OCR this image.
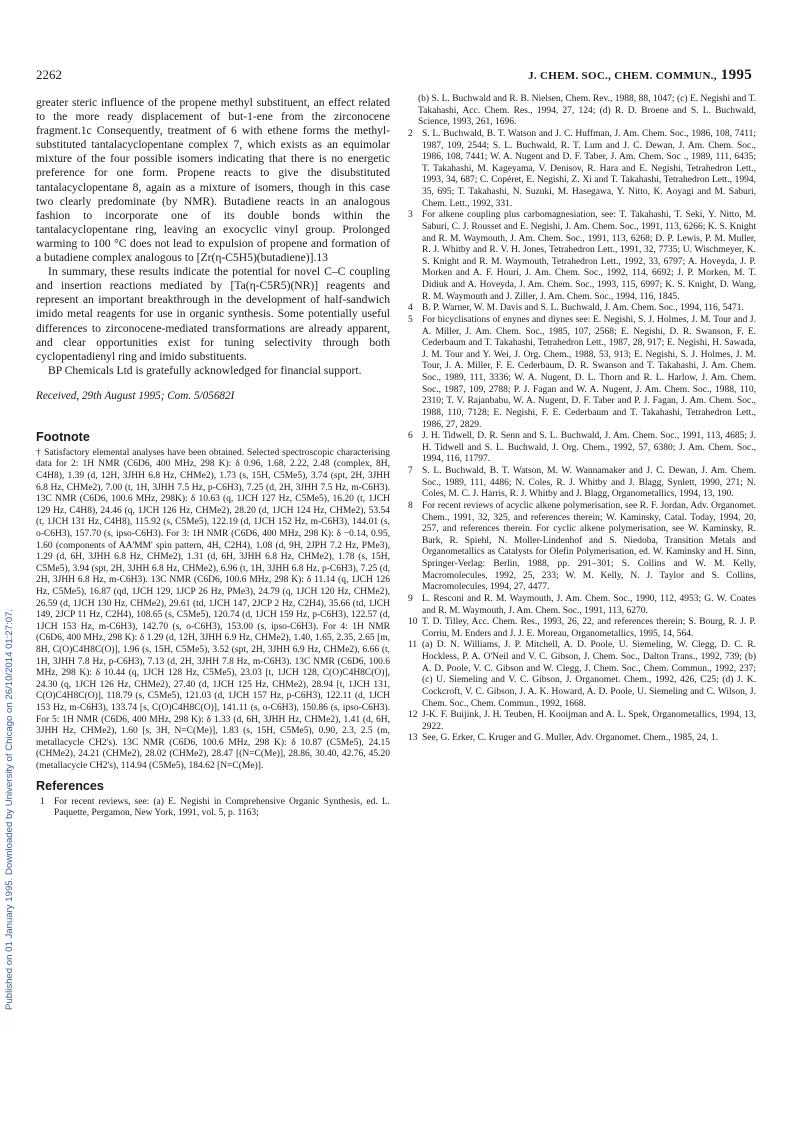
2262	J. CHEM. SOC., CHEM. COMMUN., 1995
Published on 01 January 1995. Downloaded by University of Chicago on 26/10/2014 01:27:07.

greater steric influence of the propene methyl substituent, an effect related to the more ready displacement of but-1-ene from the zirconocene fragment.1c Consequently, treatment of 6 with ethene forms the methyl-substituted tantalacyclopentane complex 7, which exists as an equimolar mixture of the four possible isomers indicating that there is no energetic preference for one form. Propene reacts to give the disubstituted tantalacyclopentane 8, again as a mixture of isomers, though in this case two clearly predominate (by NMR). Butadiene reacts in an analogous fashion to incorporate one of its double bonds within the tantalacyclopentane ring, leaving an exocyclic vinyl group. Prolonged warming to 100 °C does not lead to expulsion of propene and formation of a butadiene complex analogous to [Zr(η-C5H5)(butadiene)].13

In summary, these results indicate the potential for novel C–C coupling and insertion reactions mediated by [Ta(η-C5R5)(NR)] reagents and represent an important breakthrough in the development of half-sandwich imido metal reagents for use in organic synthesis. Some potentially useful differences to zirconocene-mediated transformations are already apparent, and clear opportunities exist for tuning selectivity through both cyclopentadienyl ring and imido substituents.

BP Chemicals Ltd is gratefully acknowledged for financial support.

Received, 29th August 1995; Com. 5/05682I

Footnote

† Satisfactory elemental analyses have been obtained. Selected spectroscopic characterising data for 2: 1H NMR (C6D6, 400 MHz, 298 K): δ 0.96, 1.68, 2.22, 2.48 (complex, 8H, C4H8), 1.39 (d, 12H, 3JHH 6.8 Hz, CHMe2), 1.73 (s, 15H, C5Me5), 3.74 (spt, 2H, 3JHH 6.8 Hz, CHMe2), 7.00 (t, 1H, 3JHH 7.5 Hz, p-C6H3), 7.25 (d, 2H, 3JHH 7.5 Hz, m-C6H3). 13C NMR (C6D6, 100.6 MHz, 298K): δ 10.63 (q, 1JCH 127 Hz, C5Me5), 16.20 (t, 1JCH 129 Hz, C4H8), 24.46 (q, 1JCH 126 Hz, CHMe2), 28.20 (d, 1JCH 124 Hz, CHMe2), 53.54 (t, 1JCH 131 Hz, C4H8), 115.92 (s, C5Me5), 122.19 (d, 1JCH 152 Hz, m-C6H3), 144.01 (s, o-C6H3), 157.70 (s, ipso-C6H3). For 3: 1H NMR (C6D6, 400 MHz, 298 K): δ −0.14, 0.95, 1.60 (components of AA'MM' spin pattern, 4H, C2H4), 1.08 (d, 9H, 2JPH 7.2 Hz, PMe3), 1.29 (d, 6H, 3JHH 6.8 Hz, CHMe2), 1.31 (d, 6H, 3JHH 6.8 Hz, CHMe2), 1.78 (s, 15H, C5Me5), 3.94 (spt, 2H, 3JHH 6.8 Hz, CHMe2), 6.96 (t, 1H, 3JHH 6.8 Hz, p-C6H3), 7.25 (d, 2H, 3JHH 6.8 Hz, m-C6H3). 13C NMR (C6D6, 100.6 MHz, 298 K): δ 11.14 (q, 1JCH 126 Hz, C5Me5), 16.87 (qd, 1JCH 129, 1JCP 26 Hz, PMe3), 24.79 (q, 1JCH 120 Hz, CHMe2), 26.59 (d, 1JCH 130 Hz, CHMe2), 29.61 (td, 1JCH 147, 2JCP 2 Hz, C2H4), 35.66 (td, 1JCH 149, 2JCP 11 Hz, C2H4), 108.65 (s, C5Me5), 120.74 (d, 1JCH 159 Hz, p-C6H3), 122.57 (d, 1JCH 153 Hz, m-C6H3), 142.70 (s, o-C6H3), 153.00 (s, ipso-C6H3). For 4: 1H NMR (C6D6, 400 MHz, 298 K): δ 1.29 (d, 12H, 3JHH 6.9 Hz, CHMe2), 1.40, 1.65, 2.35, 2.65 [m, 8H, C(O)C4H8C(O)], 1.96 (s, 15H, C5Me5), 3.52 (spt, 2H, 3JHH 6.9 Hz, CHMe2), 6.66 (t, 1H, 3JHH 7.8 Hz, p-C6H3), 7.13 (d, 2H, 3JHH 7.8 Hz, m-C6H3). 13C NMR (C6D6, 100.6 MHz, 298 K): δ 10.44 (q, 1JCH 128 Hz, C5Me5), 23.03 [t, 1JCH 128, C(O)C4H8C(O)], 24.30 (q, 1JCH 126 Hz, CHMe2), 27.40 (d, 1JCH 125 Hz, CHMe2), 28.94 [t, 1JCH 131, C(O)C4H8C(O)], 118.79 (s, C5Me5), 121.03 (d, 1JCH 157 Hz, p-C6H3), 122.11 (d, 1JCH 153 Hz, m-C6H3), 133.74 [s, C(O)C4H8C(O)], 141.11 (s, o-C6H3), 150.86 (s, ipso-C6H3). For 5: 1H NMR (C6D6, 400 MHz, 298 K): δ 1.33 (d, 6H, 3JHH Hz, CHMe2), 1.41 (d, 6H, 3JHH Hz, CHMe2), 1.60 [s, 3H, N=C(Me)], 1.83 (s, 15H, C5Me5), 0.90, 2.3, 2.5 (m, metallacycle CH2's). 13C NMR (C6D6, 100.6 MHz, 298 K): δ 10.87 (C5Me5), 24.15 (CHMe2), 24.21 (CHMe2), 28.02 (CHMe2), 28.47 [(N=C(Me)], 28.86, 30.40, 42.76, 45.20 (metallacycle CH2's), 114.94 (C5Me5), 184.62 [N=C(Me)].

References
1 For recent reviews, see: (a) E. Negishi in Comprehensive Organic Synthesis, ed. L. Paquette, Pergamon, New York, 1991, vol. 5, p. 1163;
(b) S. L. Buchwald and R. B. Nielsen, Chem. Rev., 1988, 88, 1047; (c) E. Negishi and T. Takahashi, Acc. Chem. Res., 1994, 27, 124; (d) R. D. Broene and S. L. Buchwald, Science, 1993, 261, 1696.
2 S. L. Buchwald, B. T. Watson and J. C. Huffman, J. Am. Chem. Soc., 1986, 108, 7411; 1987, 109, 2544; S. L. Buchwald, R. T. Lum and J. C. Dewan, J. Am. Chem. Soc., 1986, 108, 7441; W. A. Nugent and D. F. Taber, J. Am. Chem. Soc ., 1989, 111, 6435; T. Takahashi, M. Kageyama, V. Denisov, R. Hara and E. Negishi, Tetrahedron Lett., 1993, 34, 687; C. Copéret, E. Negishi, Z. Xi and T. Takahashi, Tetrahedron Lett., 1994, 35, 695; T. Takahashi, N. Suzuki, M. Hasegawa, Y. Nitto, K. Aoyagi and M. Saburi, Chem. Lett., 1992, 331.
3 For alkene coupling plus carbomagnesiation, see: T. Takahashi, T. Seki, Y. Nitto, M. Saburi, C. J. Rousset and E. Negishi, J. Am. Chem. Soc., 1991, 113, 6266; K. S. Knight and R. M. Waymouth, J. Am. Chem. Soc., 1991, 113, 6268; D. P. Lewis, P. M. Muller, R. J. Whitby and R. V. H. Jones, Tetrahedron Lett., 1991, 32, 7735; U. Wischmeyer, K. S. Knight and R. M. Waymouth, Tetrahedron Lett., 1992, 33, 6797; A. Hoveyda, J. P. Morken and A. F. Houri, J. Am. Chem. Soc., 1992, 114, 6692; J. P. Morken, M. T. Didiuk and A. Hoveyda, J. Am. Chem. Soc., 1993, 115, 6997; K. S. Knight, D. Wang, R. M. Waymouth and J. Ziller, J. Am. Chem. Soc., 1994, 116, 1845.
4 B. P. Warner, W. M. Davis and S. L. Buchwald, J. Am. Chem. Soc., 1994, 116, 5471.
5 For bicyclisations of enynes and diynes see: E. Negishi, S. J. Holmes, J. M. Tour and J. A. Miller, J. Am. Chem. Soc., 1985, 107, 2568; E. Negishi, D. R. Swanson, F. E. Cederbaum and T. Takahashi, Tetrahedron Lett., 1987, 28, 917; E. Negishi, H. Sawada, J. M. Tour and Y. Wei, J. Org. Chem., 1988, 53, 913; E. Negishi, S. J. Holmes, J. M. Tour, J. A. Miller, F. E. Cederbaum, D. R. Swanson and T. Takahashi, J. Am. Chem. Soc., 1989, 111, 3336; W. A. Nugent, D. L. Thorn and R. L. Harlow, J. Am. Chem. Soc., 1987, 109, 2788; P. J. Fagan and W. A. Nugent, J. Am. Chem. Soc., 1988, 110, 2310; T. V. Rajanbabu, W. A. Nugent, D. F. Taber and P. J. Fagan, J. Am. Chem. Soc., 1988, 110, 7128; E. Negishi, F. E. Cederbaum and T. Takahashi, Tetrahedron Lett., 1986, 27, 2829.
6 J. H. Tidwell, D. R. Senn and S. L. Buchwald, J. Am. Chem. Soc., 1991, 113, 4685; J. H. Tidwell and S. L. Buchwald, J. Org. Chem., 1992, 57, 6380; J. Am. Chem. Soc., 1994, 116, 11797.
7 S. L. Buchwald, B. T. Watson, M. W. Wannamaker and J. C. Dewan, J. Am. Chem. Soc., 1989, 111, 4486; N. Coles, R. J. Whitby and J. Blagg, Synlett, 1990, 271; N. Coles, M. C. J. Harris, R. J. Whitby and J. Blagg, Organometallics, 1994, 13, 190.
8 For recent reviews of acyclic alkene polymerisation, see R. F. Jordan, Adv. Organomet. Chem., 1991, 32, 325, and references therein; W. Kaminsky, Catal. Today, 1994, 20, 257, and references therein. For cyclic alkene polymerisation, see W. Kaminsky, R. Bark, R. Spiehl, N. Moller-Lindenhof and S. Niedoba, Transition Metals and Organometallics as Catalysts for Olefin Polymerisation, ed. W. Kaminsky and H. Sinn, Springer-Verlag: Berlin, 1988, pp. 291–301; S. Collins and W. M. Kelly, Macromolecules, 1992, 25, 233; W. M. Kelly, N. J. Taylor and S. Collins, Macromolecules, 1994, 27, 4477.
9 L. Resconi and R. M. Waymouth, J. Am. Chem. Soc., 1990, 112, 4953; G. W. Coates and R. M. Waymouth, J. Am. Chem. Soc., 1991, 113, 6270.
10 T. D. Tilley, Acc. Chem. Res., 1993, 26, 22, and references therein; S. Bourg, R. J. P. Corriu, M. Enders and J. J. E. Moreau, Organometallics, 1995, 14, 564.
11 (a) D. N. Williams, J. P. Mitchell, A. D. Poole, U. Siemeling, W. Clegg, D. C. R. Hockless, P. A. O'Neil and V. C. Gibson, J. Chem. Soc., Dalton Trans., 1992, 739; (b) A. D. Poole, V. C. Gibson and W. Clegg, J. Chem. Soc., Chem. Commun., 1992, 237; (c) U. Siemeling and V. C. Gibson, J. Organomet. Chem., 1992, 426, C25; (d) J. K. Cockcroft, V. C. Gibson, J. A. K. Howard, A. D. Poole, U. Siemeling and C. Wilson, J. Chem. Soc., Chem. Commun., 1992, 1668.
12 J-K. F. Buijink, J. H. Teuben, H. Kooijman and A. L. Spek, Organometallics, 1994, 13, 2922.
13 See, G. Erker, C. Kruger and G. Muller, Adv. Organomet. Chem., 1985, 24, 1.
